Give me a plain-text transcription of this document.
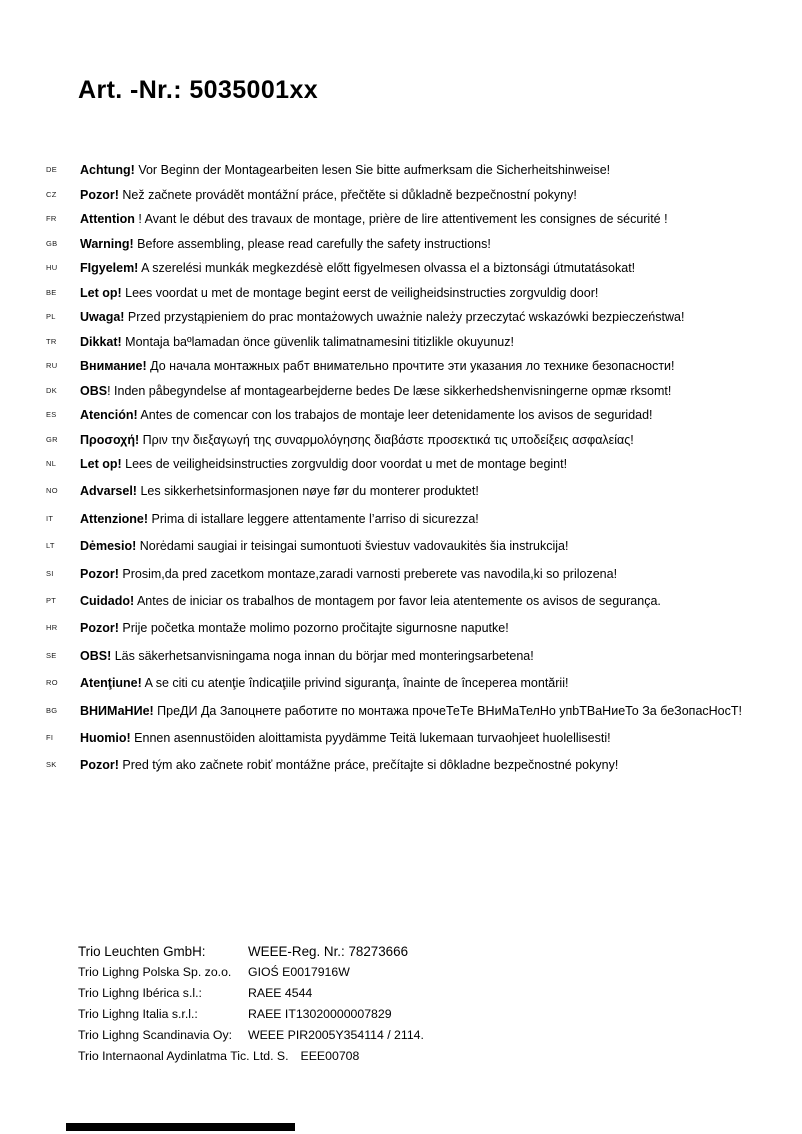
Art. -Nr.: 5035001xx
DE	Achtung! Vor Beginn der Montagearbeiten lesen Sie bitte aufmerksam die Sicherheitshinweise!

CZ	Pozor! Než začnete provádět montážní práce, přečtěte si důkladně bezpečnostní pokyny!

FR	Attention ! Avant le début des travaux de montage, prière de lire attentivement les consignes de sécurité !

GB	Warning! Before assembling, please read carefully the safety instructions!

HU	FIgyelem! A szerelési munkák megkezdésè előtt figyelmesen olvassa el a biztonsági útmutatásokat!

BE	Let op! Lees voordat u met de montage begint eerst de veiligheidsinstructies zorgvuldig door!

PL	Uwaga! Przed przystąpieniem do prac montażowych uważnie należy przeczytać wskazówki bezpieczeństwa!

TR	Dikkat! Montaja baºlamadan önce güvenlik talimatnamesini titizlikle okuyunuz!

RU	Внимание! До начала монтажных рабт внимательно прочтите эти указания ло технике безопасности!

DK	OBS! Inden påbegyndelse af montagearbejderne bedes De læse sikkerhedshenvisningerne opmæ rksomt!

ES	Atención! Antes de comencar con los trabajos de montaje leer detenidamente los avisos de seguridad!

GR	Προσοχή! Πριν την διεξαγωγή της συναρμολόγησης διαβάστε προσεκτικά τις υποδείξεις ασφαλείας!

NL	Let op! Lees de veiligheidsinstructies zorgvuldig door voordat u met de montage begint!

NO	Advarsel! Les sikkerhetsinformasjonen nøye før du monterer produktet!

IT	Attenzione! Prima di istallare leggere attentamente l’arriso di sicurezza!

LT	Dėmesio! Norėdami saugiai ir teisingai sumontuoti šviestuv vadovaukitės šia instrukcija!

SI	Pozor! Prosim,da pred zacetkom montaze,zaradi varnosti preberete vas navodila,ki so prilozena!

PT	Cuidado! Antes de iniciar os trabalhos de montagem por favor leia atentemente os avisos de segurança.

HR	Pozor! Prije početka montaže molimo pozorno pročitajte sigurnosne naputke!

SE	OBS! Läs säkerhetsanvisningama noga innan du börjar med monteringsarbetena!

RO	Atenţiune! A se citi cu atenţie îndicaţiile privind siguranţa, înainte de începerea montării!

BG	ВНИМаНИе! ПреДИ Да Запоцнете работите по монтажа прочеТеТе ВНиМаТелНо упbТВаНиеТо За беЗопасНосТ!

FI	Huomio! Ennen asennustöiden aloittamista pyydämme Teitä lukemaan turvaohjeet huolellisesti!

SK	Pozor! Pred tým ako začnete robiť montážne práce, prečítajte si dôkladne bezpečnostné pokyny!

Trio Leuchten GmbH:	WEEE-Reg. Nr.: 78273666
Trio Lighng Polska Sp. zo.o.	GIOŚ E0017916W
Trio Lighng Ibérica s.l.:	RAEE 4544
Trio Lighng Italia s.r.l.:	RAEE IT13020000007829
Trio Lighng Scandinavia Oy:	WEEE PIR2005Y354114 / 2114.
Trio Internaonal Aydinlatma Tic. Ltd. S. EEE00708
